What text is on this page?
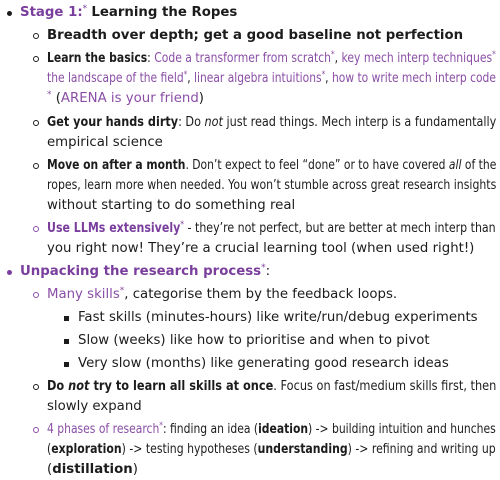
Stage 1:* Learning the Ropes
Breadth over depth; get a good baseline not perfection
Learn the basics: Code a transformer from scratch*, key mech interp techniques*
the landscape of the field*, linear algebra intuitions*, how to write mech interp code
* (ARENA is your friend)
Get your hands dirty: Do not just read things. Mech interp is a fundamentally
empirical science
Move on after a month. Don’t expect to feel “done” or to have covered all of the
ropes, learn more when needed. You won’t stumble across great research insights
without starting to do something real
Use LLMs extensively* - they’re not perfect, but are better at mech interp than
you right now! They’re a crucial learning tool (when used right!)
Unpacking the research process*:
Many skills*, categorise them by the feedback loops.
Fast skills (minutes-hours) like write/run/debug experiments
Slow (weeks) like how to prioritise and when to pivot
Very slow (months) like generating good research ideas
Do not try to learn all skills at once. Focus on fast/medium skills first, then
slowly expand
4 phases of research*: finding an idea (ideation) -> building intuition and hunches
(exploration) -> testing hypotheses (understanding) -> refining and writing up
(distillation)
